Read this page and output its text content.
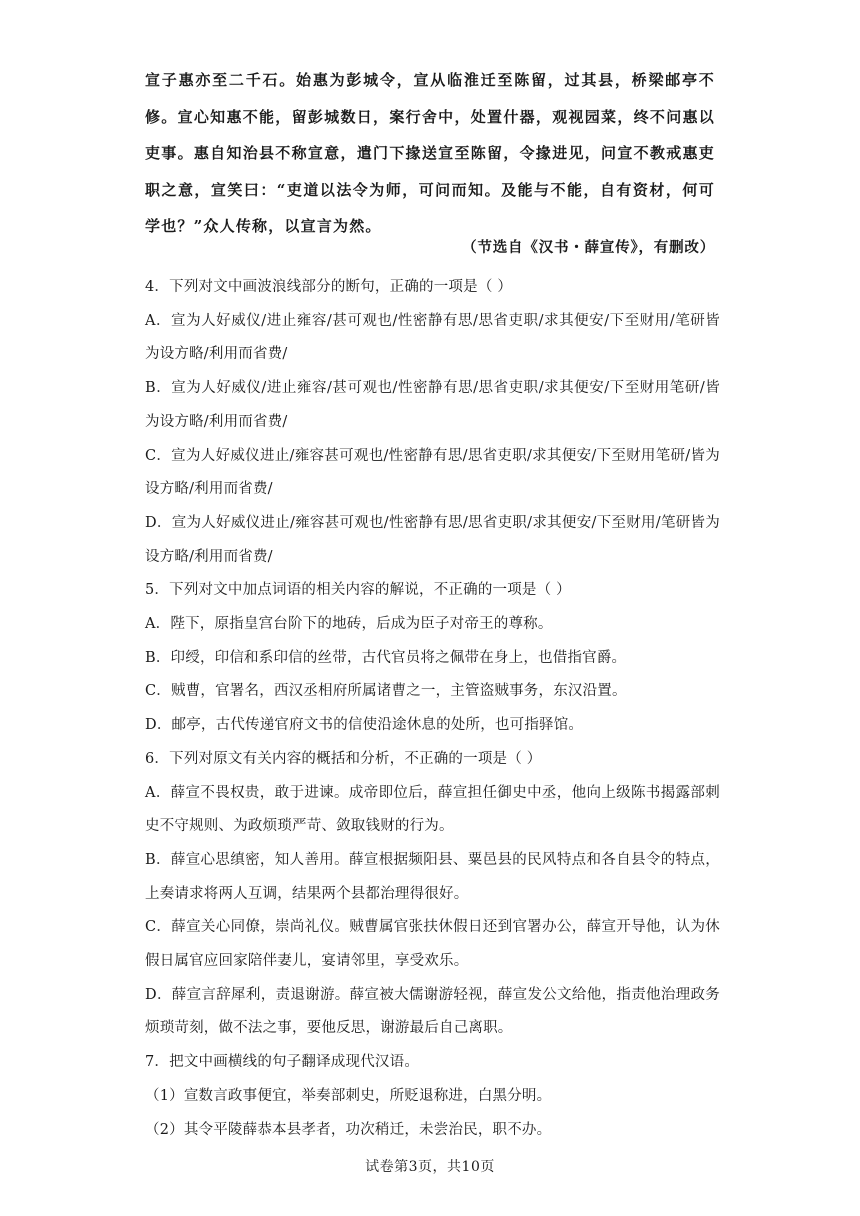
宣子惠亦至二千石。始惠为彭城令，宣从临淮迁至陈留，过其县，桥梁邮亭不修。宣心知惠不能，留彭城数日，案行舍中，处置什器，观视园菜，终不问惠以吏事。惠自知治县不称宣意，遣门下掾送宣至陈留，令掾进见，问宣不教戒惠吏职之意，宣笑曰：“吏道以法令为师，可问而知。及能与不能，自有资材，何可学也？”众人传称，以宣言为然。

（节选自《汉书・薛宣传》，有删改）

4．下列对文中画波浪线部分的断句，正确的一项是（ ）

A．宣为人好威仪/进止雍容/甚可观也/性密静有思/思省吏职/求其便安/下至财用/笔研皆为设方略/利用而省费/

B．宣为人好威仪/进止雍容/甚可观也/性密静有思/思省吏职/求其便安/下至财用笔研/皆为设方略/利用而省费/

C．宣为人好威仪进止/雍容甚可观也/性密静有思/思省吏职/求其便安/下至财用笔研/皆为设方略/利用而省费/

D．宣为人好威仪进止/雍容甚可观也/性密静有思/思省吏职/求其便安/下至财用/笔研皆为设方略/利用而省费/

5．下列对文中加点词语的相关内容的解说，不正确的一项是（ ）

A．陛下，原指皇宫台阶下的地砖，后成为臣子对帝王的尊称。

B．印绶，印信和系印信的丝带，古代官员将之佩带在身上，也借指官爵。

C．贼曹，官署名，西汉丞相府所属诸曹之一，主管盗贼事务，东汉沿置。

D．邮亭，古代传递官府文书的信使沿途休息的处所，也可指驿馆。

6．下列对原文有关内容的概括和分析，不正确的一项是（ ）

A．薛宣不畏权贵，敢于进谏。成帝即位后，薛宣担任御史中丞，他向上级陈书揭露部刺史不守规则、为政烦琐严苛、敛取钱财的行为。

B．薛宣心思缜密，知人善用。薛宣根据频阳县、粟邑县的民风特点和各自县令的特点，上奏请求将两人互调，结果两个县都治理得很好。

C．薛宣关心同僚，崇尚礼仪。贼曹属官张扶休假日还到官署办公，薛宣开导他，认为休假日属官应回家陪伴妻儿，宴请邻里，享受欢乐。

D．薛宣言辞犀利，责退谢游。薛宣被大儒谢游轻视，薛宣发公文给他，指责他治理政务烦琐苛刻，做不法之事，要他反思，谢游最后自己离职。

7．把文中画横线的句子翻译成现代汉语。

（1）宣数言政事便宜，举奏部刺史，所贬退称进，白黑分明。

（2）其令平陵薛恭本县孝者，功次稍迁，未尝治民，职不办。

试卷第3页，共10页
